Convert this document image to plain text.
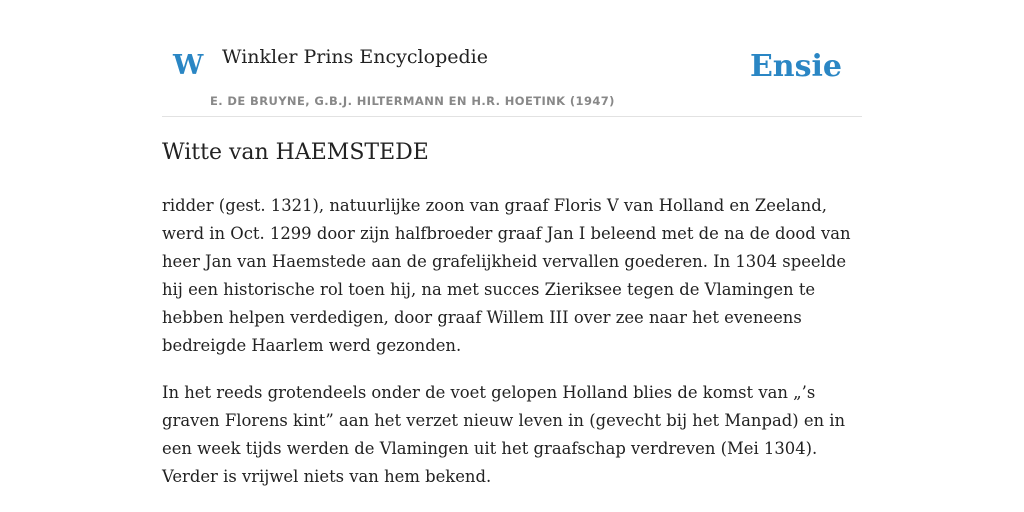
W Winkler Prins Encyclopedie
E. DE BRUYNE, G.B.J. HILTERMANN EN H.R. HOETINK (1947)
Ensie
Witte van HAEMSTEDE

ridder (gest. 1321), natuurlijke zoon van graaf Floris V van Holland en Zeeland,
werd in Oct. 1299 door zijn halfbroeder graaf Jan I beleend met de na de dood van
heer Jan van Haemstede aan de grafelijkheid vervallen goederen. In 1304 speelde
hij een historische rol toen hij, na met succes Zieriksee tegen de Vlamingen te
hebben helpen verdedigen, door graaf Willem III over zee naar het eveneens
bedreigde Haarlem werd gezonden.

In het reeds grotendeels onder de voet gelopen Holland blies de komst van „’s
graven Florens kint” aan het verzet nieuw leven in (gevecht bij het Manpad) en in
een week tijds werden de Vlamingen uit het graafschap verdreven (Mei 1304).
Verder is vrijwel niets van hem bekend.
